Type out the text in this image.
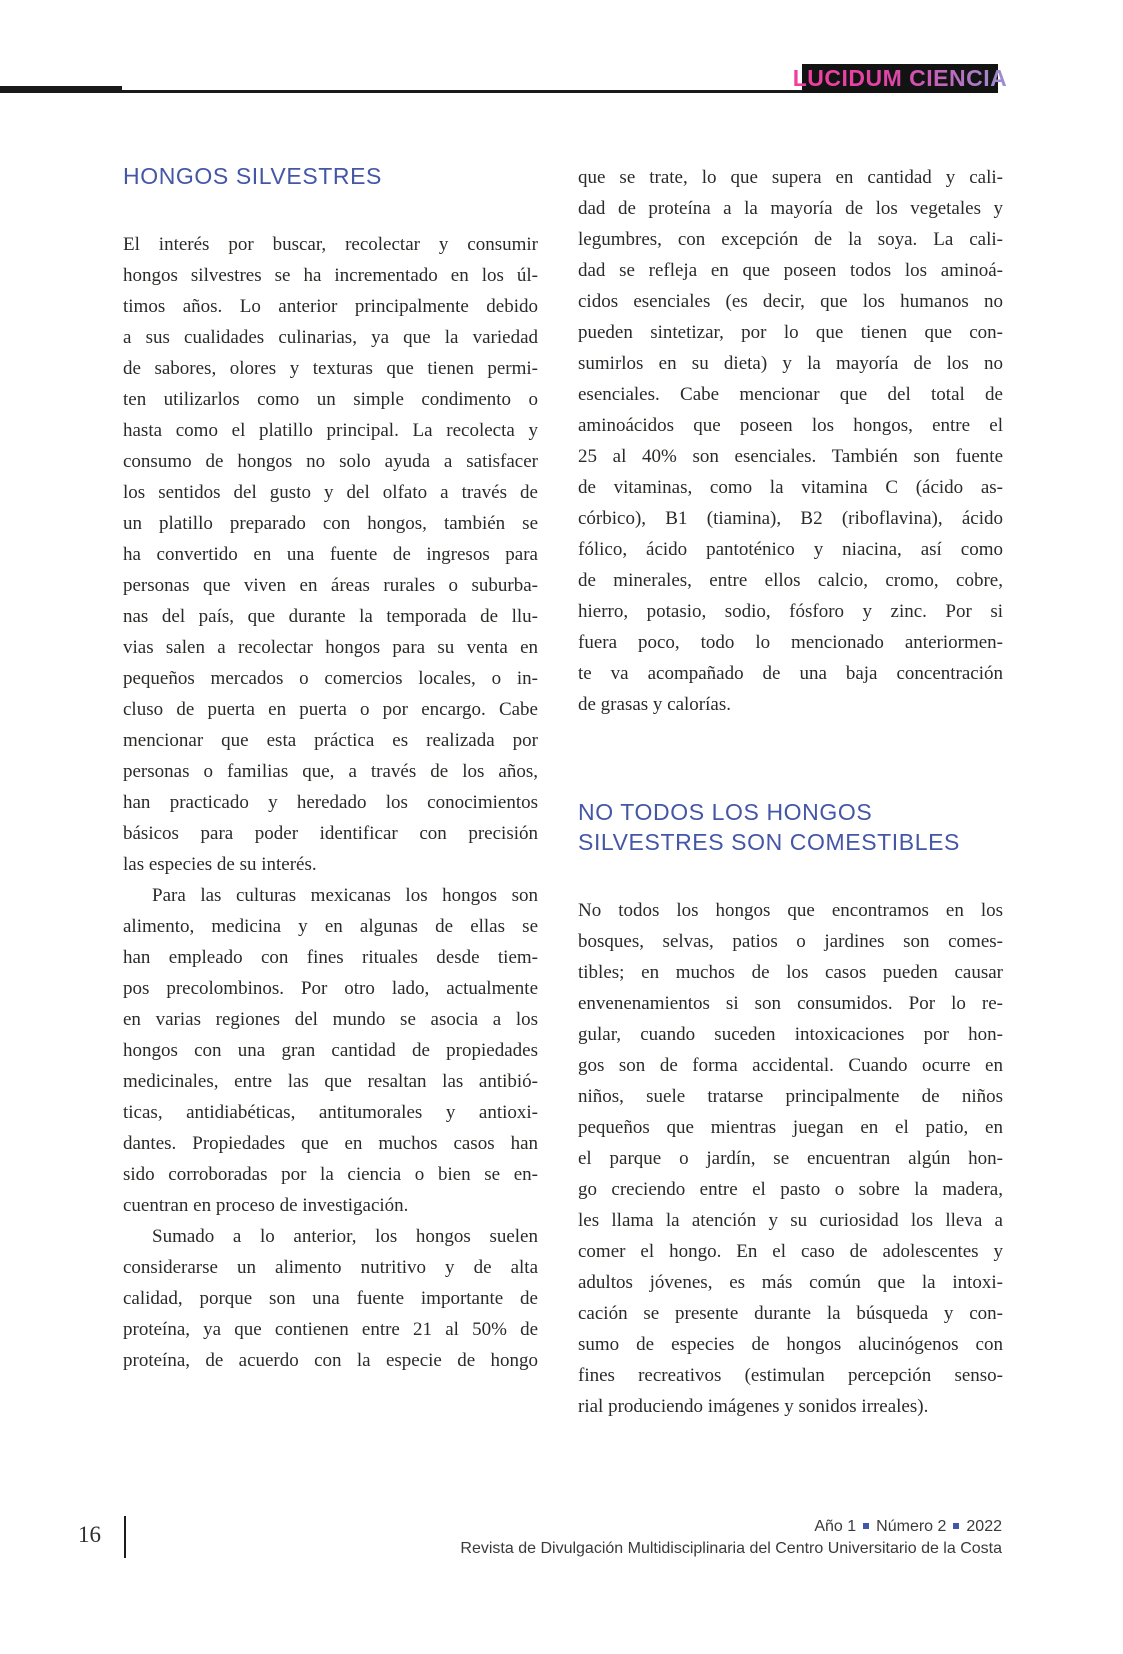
LUCIDUM CIENCIA
HONGOS SILVESTRES
El interés por buscar, recolectar y consumir
hongos silvestres se ha incrementado en los úl-
timos años. Lo anterior principalmente debido
a sus cualidades culinarias, ya que la variedad
de sabores, olores y texturas que tienen permi-
ten utilizarlos como un simple condimento o
hasta como el platillo principal. La recolecta y
consumo de hongos no solo ayuda a satisfacer
los sentidos del gusto y del olfato a través de
un platillo preparado con hongos, también se
ha convertido en una fuente de ingresos para
personas que viven en áreas rurales o suburba-
nas del país, que durante la temporada de llu-
vias salen a recolectar hongos para su venta en
pequeños mercados o comercios locales, o in-
cluso de puerta en puerta o por encargo. Cabe
mencionar que esta práctica es realizada por
personas o familias que, a través de los años,
han practicado y heredado los conocimientos
básicos para poder identificar con precisión
las especies de su interés.
Para las culturas mexicanas los hongos son
alimento, medicina y en algunas de ellas se
han empleado con fines rituales desde tiem-
pos precolombinos. Por otro lado, actualmente
en varias regiones del mundo se asocia a los
hongos con una gran cantidad de propiedades
medicinales, entre las que resaltan las antibió-
ticas, antidiabéticas, antitumorales y antioxi-
dantes. Propiedades que en muchos casos han
sido corroboradas por la ciencia o bien se en-
cuentran en proceso de investigación.
Sumado a lo anterior, los hongos suelen
considerarse un alimento nutritivo y de alta
calidad, porque son una fuente importante de
proteína, ya que contienen entre 21 al 50% de
proteína, de acuerdo con la especie de hongo
que se trate, lo que supera en cantidad y cali-
dad de proteína a la mayoría de los vegetales y
legumbres, con excepción de la soya. La cali-
dad se refleja en que poseen todos los aminoá-
cidos esenciales (es decir, que los humanos no
pueden sintetizar, por lo que tienen que con-
sumirlos en su dieta) y la mayoría de los no
esenciales. Cabe mencionar que del total de
aminoácidos que poseen los hongos, entre el
25 al 40% son esenciales. También son fuente
de vitaminas, como la vitamina C (ácido as-
córbico), B1 (tiamina), B2 (riboflavina), ácido
fólico, ácido pantoténico y niacina, así como
de minerales, entre ellos calcio, cromo, cobre,
hierro, potasio, sodio, fósforo y zinc. Por si
fuera poco, todo lo mencionado anteriormen-
te va acompañado de una baja concentración
de grasas y calorías.
NO TODOS LOS HONGOS
SILVESTRES SON COMESTIBLES
No todos los hongos que encontramos en los
bosques, selvas, patios o jardines son comes-
tibles; en muchos de los casos pueden causar
envenenamientos si son consumidos. Por lo re-
gular, cuando suceden intoxicaciones por hon-
gos son de forma accidental. Cuando ocurre en
niños, suele tratarse principalmente de niños
pequeños que mientras juegan en el patio, en
el parque o jardín, se encuentran algún hon-
go creciendo entre el pasto o sobre la madera,
les llama la atención y su curiosidad los lleva a
comer el hongo. En el caso de adolescentes y
adultos jóvenes, es más común que la intoxi-
cación se presente durante la búsqueda y con-
sumo de especies de hongos alucinógenos con
fines recreativos (estimulan percepción senso-
rial produciendo imágenes y sonidos irreales).
16	Año 1 Número 2 2022
Revista de Divulgación Multidisciplinaria del Centro Universitario de la Costa
